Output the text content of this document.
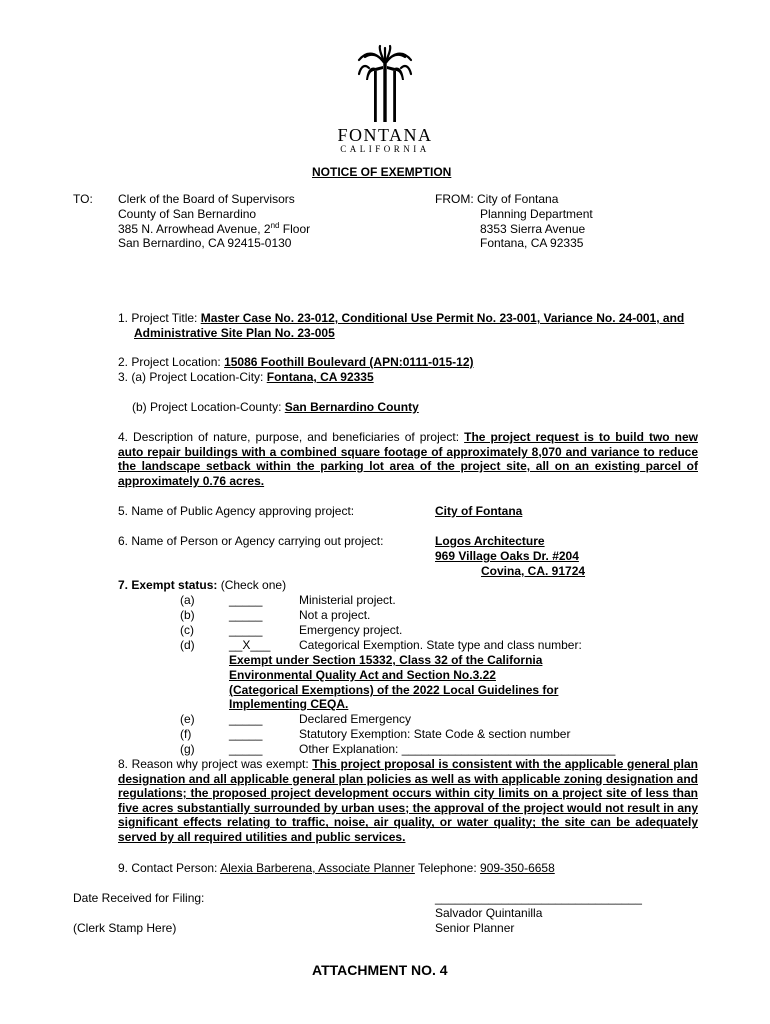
FONTANA
CALIFORNIA
NOTICE OF EXEMPTION
TO: Clerk of the Board of Supervisors
County of San Bernardino
385 N. Arrowhead Avenue, 2nd Floor
San Bernardino, CA 92415-0130
FROM: City of Fontana
Planning Department
8353 Sierra Avenue
Fontana, CA 92335
1. Project Title: Master Case No. 23-012, Conditional Use Permit No. 23-001, Variance No. 24-001, and Administrative Site Plan No. 23-005
2. Project Location: 15086 Foothill Boulevard (APN:0111-015-12)
3. (a) Project Location-City: Fontana, CA 92335
(b) Project Location-County: San Bernardino County
4. Description of nature, purpose, and beneficiaries of project: The project request is to build two new auto repair buildings with a combined square footage of approximately 8,070 and variance to reduce the landscape setback within the parking lot area of the project site, all on an existing parcel of approximately 0.76 acres.
5. Name of Public Agency approving project:	City of Fontana
6. Name of Person or Agency carrying out project:	Logos Architecture
969 Village Oaks Dr. #204
Covina, CA. 91724
7. Exempt status: (Check one)
(a)	_____	Ministerial project.
(b)	_____	Not a project.
(c)	_____	Emergency project.
(d)	__X___ Categorical Exemption. State type and class number:
Exempt under Section 15332, Class 32 of the California
Environmental Quality Act and Section No.3.22
(Categorical Exemptions) of the 2022 Local Guidelines for
Implementing CEQA.
(e)	_____	Declared Emergency
(f)	_____	Statutory Exemption: State Code & section number
(g)	_____	Other Explanation: ________________________________
8. Reason why project was exempt: This project proposal is consistent with the applicable general plan designation and all applicable general plan policies as well as with applicable zoning designation and regulations; the proposed project development occurs within city limits on a project site of less than five acres substantially surrounded by urban uses; the approval of the project would not result in any significant effects relating to traffic, noise, air quality, or water quality; the site can be adequately served by all required utilities and public services.
9. Contact Person: Alexia Barberena, Associate Planner Telephone: 909-350-6658
Date Received for Filing:	_______________________________
Salvador Quintanilla
(Clerk Stamp Here)	Senior Planner
ATTACHMENT NO. 4
